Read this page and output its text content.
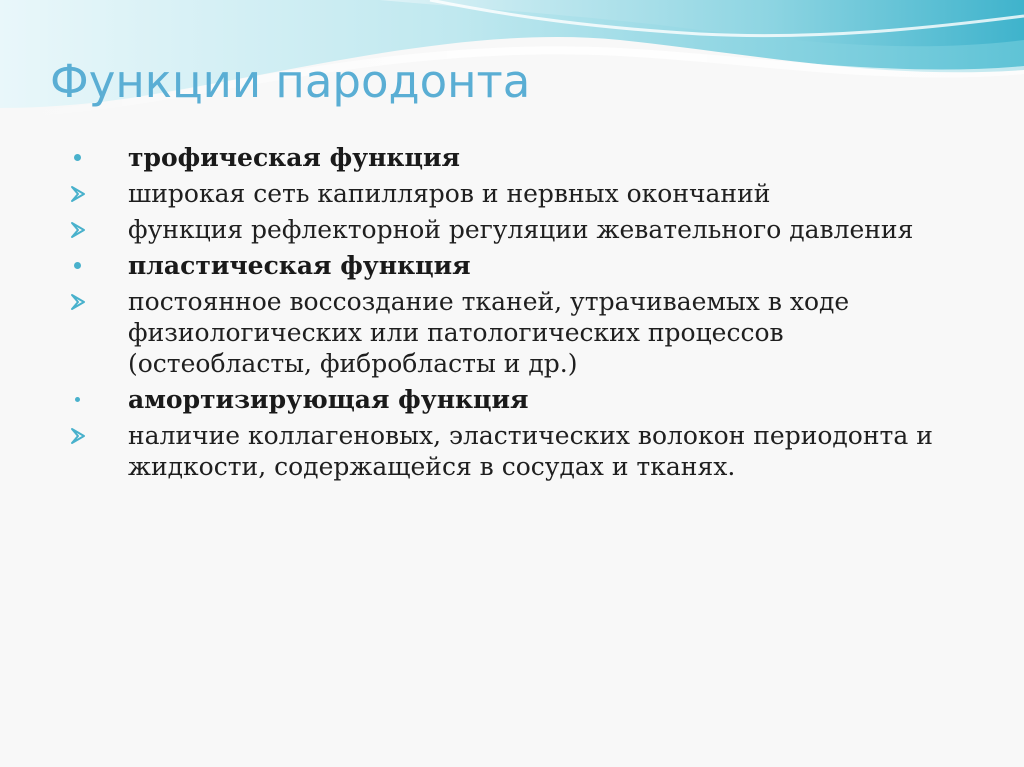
Функции пародонта
трофическая функция
широкая сеть капилляров и нервных окончаний
функция рефлекторной регуляции жевательного давления
пластическая функция
постоянное воссоздание тканей, утрачиваемых в ходе физиологических или патологических процессов (остеобласты, фибробласты и др.)
амортизирующая функция
наличие коллагеновых, эластических волокон периодонта и жидкости, содержащейся в сосудах и тканях.
